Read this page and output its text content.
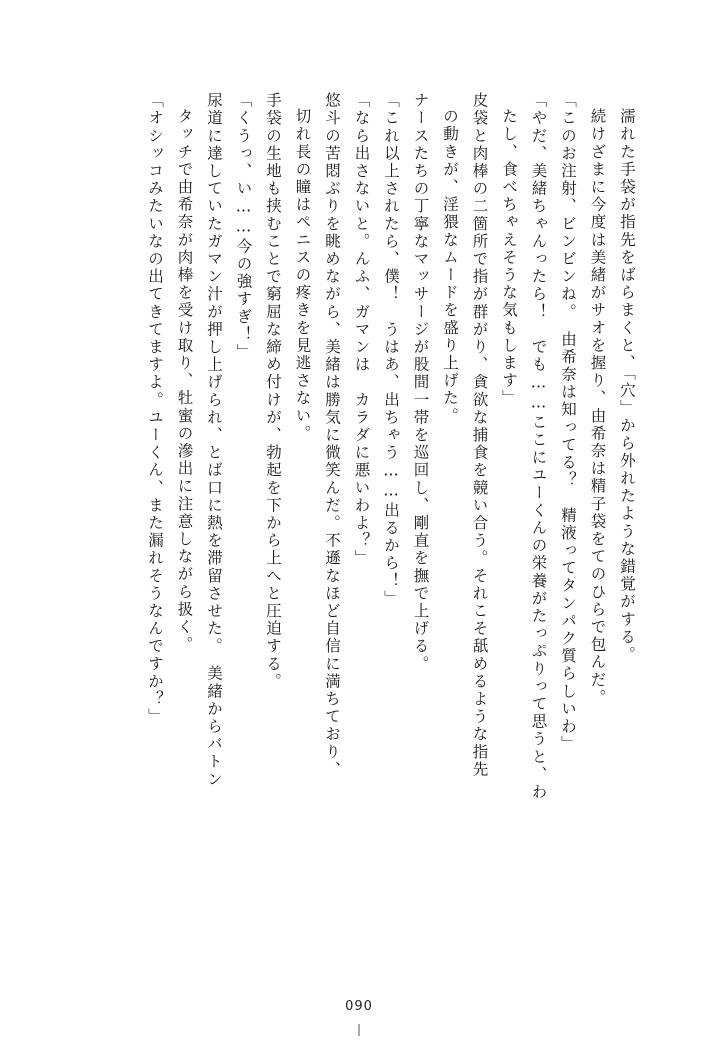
濡れた手袋が指先をばらまくと、「穴」から外れたような錯覚がする。
続けざまに今度は美緒がサオを握り、由希奈は精子袋をてのひらで包んだ。
「このお注射、ビンビンね。　由希奈は知ってる？　精液ってタンパク質らしいわ」
「やだ、美緒ちゃんったら！　でも……ここにユーくんの栄養がたっぷりって思うと、わ
たし、食べちゃえそうな気もします」
皮袋と肉棒の二箇所で指が群がり、貪欲な捕食を競い合う。それこそ舐めるような指先
の動きが、淫猥なムードを盛り上げた。
ナースたちの丁寧なマッサージが股間一帯を巡回し、剛直を撫で上げる。
「これ以上されたら、僕！　うはあ、出ちゃう……出るから！」
「なら出さないと。んふ、ガマンは　カラダに悪いわよ？」
悠斗の苦悶ぶりを眺めながら、美緒は勝気に微笑んだ。不遜なほど自信に満ちており、
切れ長の瞳はペニスの疼きを見逃さない。
手袋の生地も挟むことで窮屈な締め付けが、勃起を下から上へと圧迫する。
「くうっ、い……今の強すぎ！」
尿道に達していたガマン汁が押し上げられ、とば口に熱を滞留させた。　美緒からバトン
タッチで由希奈が肉棒を受け取り、牡蜜の滲出に注意しながら扱く。
「オシッコみたいなの出てきてますよ。ユーくん、また漏れそうなんですか？」
090
